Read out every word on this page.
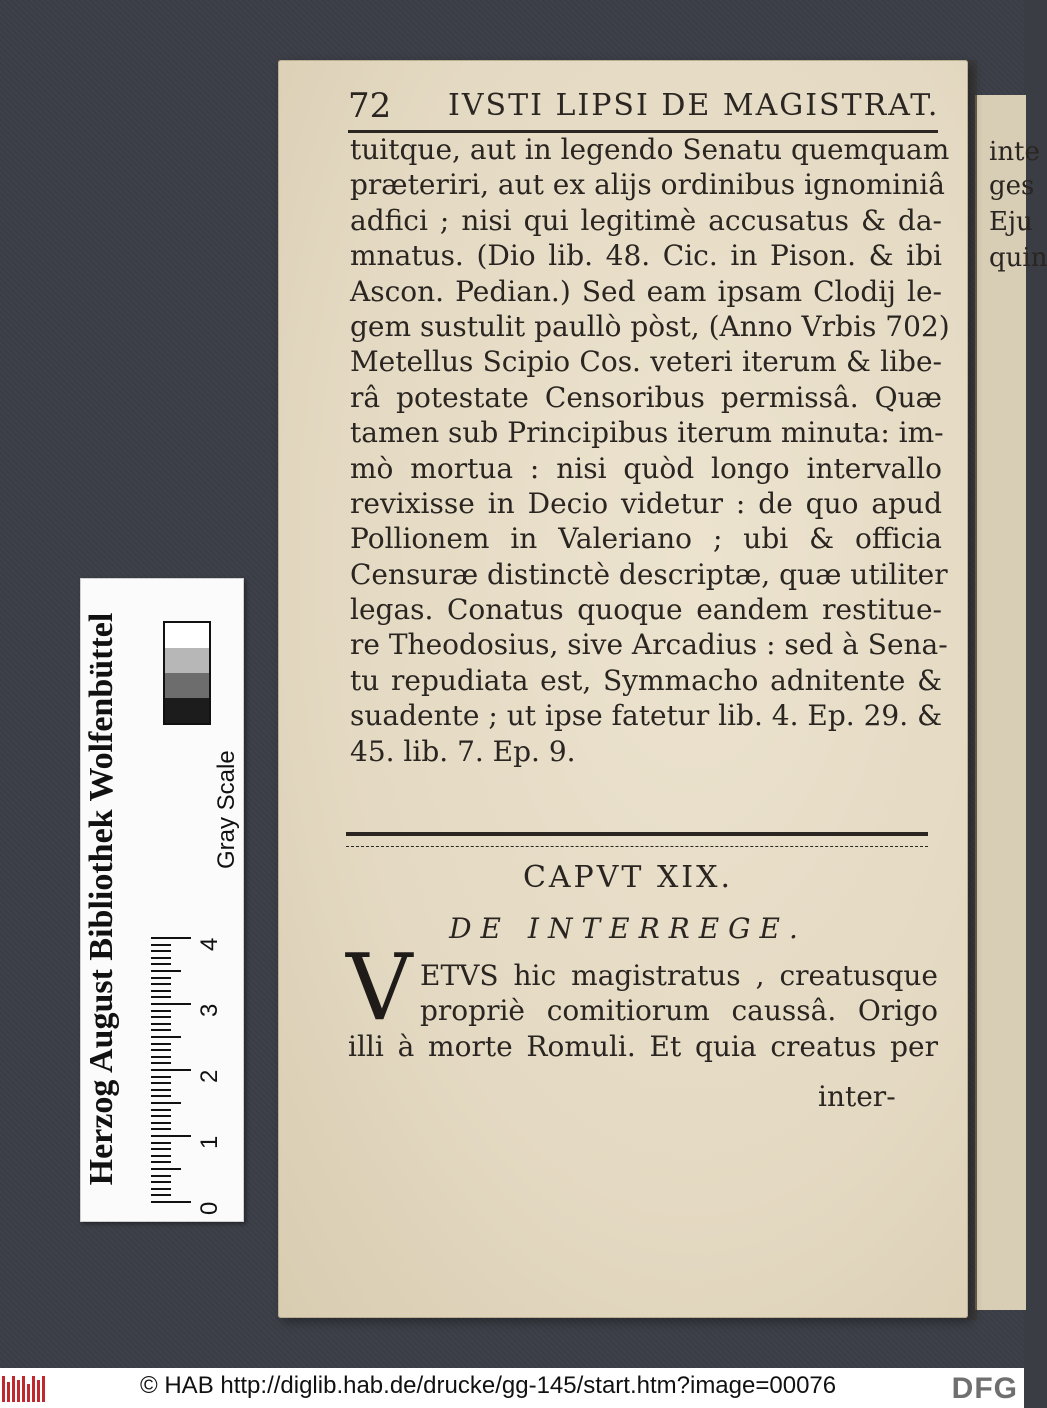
inte
ges
Eju
quin
72 IVSTI LIPSI DE MAGISTRAT.
tuitque, aut in legendo Senatu quemquam
præteriri, aut ex alijs ordinibus ignominiâ
adfici ; nisi qui legitimè accusatus & da-
mnatus. (Dio lib. 48. Cic. in Pison. & ibi
Ascon. Pedian.) Sed eam ipsam Clodij le-
gem sustulit paullò pòst, (Anno Vrbis 702)
Metellus Scipio Cos. veteri iterum & libe-
râ potestate Censoribus permissâ. Quæ
tamen sub Principibus iterum minuta: im-
mò mortua : nisi quòd longo intervallo
revixisse in Decio videtur : de quo apud
Pollionem in Valeriano ; ubi & officia
Censuræ distinctè descriptæ, quæ utiliter
legas. Conatus quoque eandem restitue-
re Theodosius, sive Arcadius : sed à Sena-
tu repudiata est, Symmacho adnitente &
suadente ; ut ipse fatetur lib. 4. Ep. 29. &
45. lib. 7. Ep. 9.
CAPVT XIX.
DE INTERREGE.
V ETVS hic magistratus , creatusque
propriè comitiorum caussâ. Origo
illi à morte Romuli. Et quia creatus per
inter-
Herzog August Bibliothek Wolfenbüttel	Gray Scale
0
1
2
3
4
© HAB http://diglib.hab.de/drucke/gg-145/start.htm?image=00076	DFG
